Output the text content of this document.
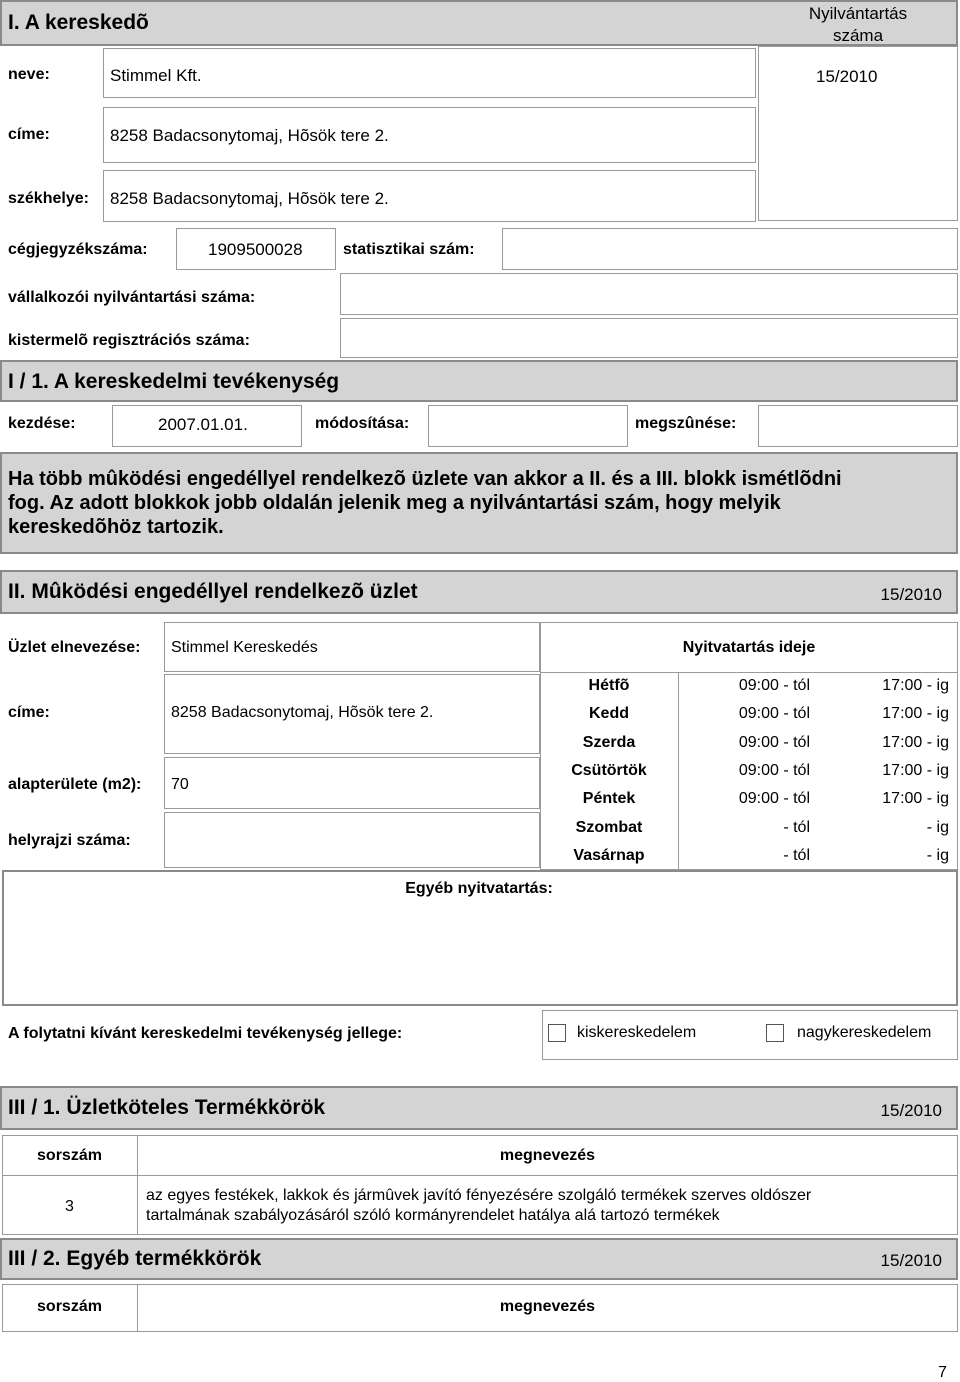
I. A kereskedõ	Nyilvántartás
száma
15/2010
neve:	Stimmel Kft.
címe:	8258 Badacsonytomaj, Hõsök tere 2.
székhelye: 8258 Badacsonytomaj, Hõsök tere 2.
cégjegyzékszáma:	1909500028	statisztikai szám:
vállalkozói nyilvántartási száma:
kistermelõ regisztrációs száma:
I / 1. A kereskedelmi tevékenység
kezdése:	2007.01.01.	módosítása:	megszûnése:
Ha több mûködési engedéllyel rendelkezõ üzlete van akkor a II. és a III. blokk ismétlõdni
fog. Az adott blokkok jobb oldalán jelenik meg a nyilvántartási szám, hogy melyik
kereskedõhöz tartozik.
II. Mûködési engedéllyel rendelkezõ üzlet	15/2010
Üzlet elnevezése: Stimmel Kereskedés	Nyitvatartás ideje
Hétfõ	09:00 - tól	17:00 - ig
Kedd	09:00 - tól	17:00 - ig
Szerda	09:00 - tól	17:00 - ig
Csütörtök	09:00 - tól	17:00 - ig
Péntek	09:00 - tól	17:00 - ig
Szombat	- tól	- ig
Vasárnap	- tól	- ig
címe:	8258 Badacsonytomaj, Hõsök tere 2.
alapterülete (m2): 70
helyrajzi száma:
Egyéb nyitvatartás:
A folytatni kívánt kereskedelmi tevékenység jellege:	kiskereskedelem	nagykereskedelem
III / 1. Üzletköteles Termékkörök	15/2010
sorszám	megnevezés
3
az egyes festékek, lakkok és jármûvek javító fényezésére szolgáló termékek szerves oldószer
tartalmának szabályozásáról szóló kormányrendelet hatálya alá tartozó termékek
III / 2. Egyéb termékkörök	15/2010
sorszám	megnevezés
7
